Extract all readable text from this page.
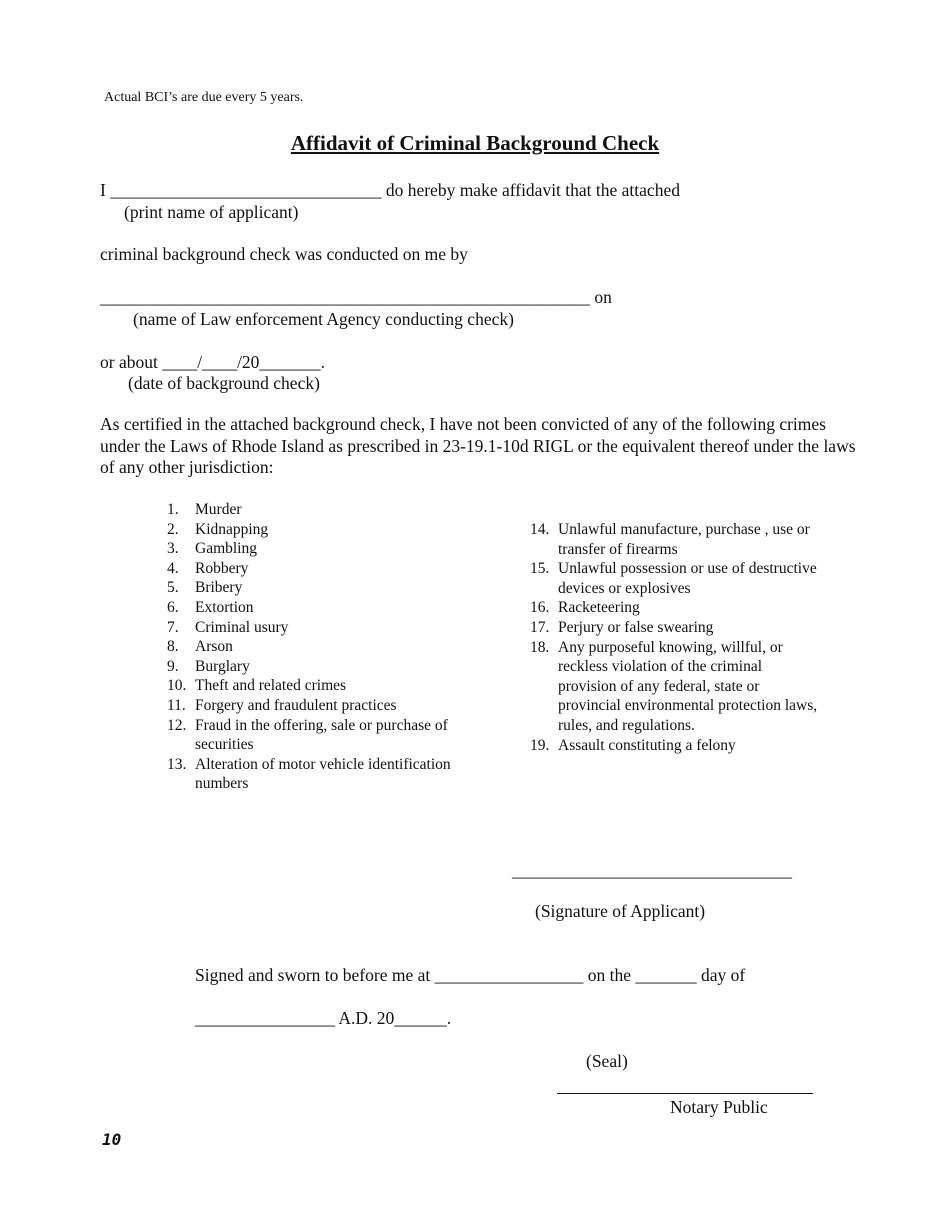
Actual BCI’s are due every 5 years.
Affidavit of Criminal Background Check
I _______________________________ do hereby make affidavit that the attached
(print name of applicant)
criminal background check was conducted on me by
________________________________________________________ on
(name of Law enforcement Agency conducting check)
or about ____/____/20_______.
(date of background check)
As certified in the attached background check, I have not been convicted of any of the following crimes under the Laws of Rhode Island as prescribed in 23-19.1-10d RIGL or the equivalent thereof under the laws of any other jurisdiction:
1.	Murder
2.	Kidnapping
3.	Gambling
4.	Robbery
5.	Bribery
6.	Extortion
7.	Criminal usury
8.	Arson
9.	Burglary
10. Theft and related crimes
11. Forgery and fraudulent practices
12. Fraud in the offering, sale or purchase of securities
13. Alteration of motor vehicle identification numbers
14. Unlawful manufacture, purchase , use or transfer of firearms
15. Unlawful possession or use of destructive devices or explosives
16. Racketeering
17. Perjury or false swearing
18. Any purposeful knowing, willful, or reckless violation of the criminal provision of any federal, state or provincial environmental protection laws, rules, and regulations.
19. Assault constituting a felony
________________________________
(Signature of Applicant)
Signed and sworn to before me at _________________ on the _______ day of
________________ A.D. 20______.
(Seal)
Notary Public
10
